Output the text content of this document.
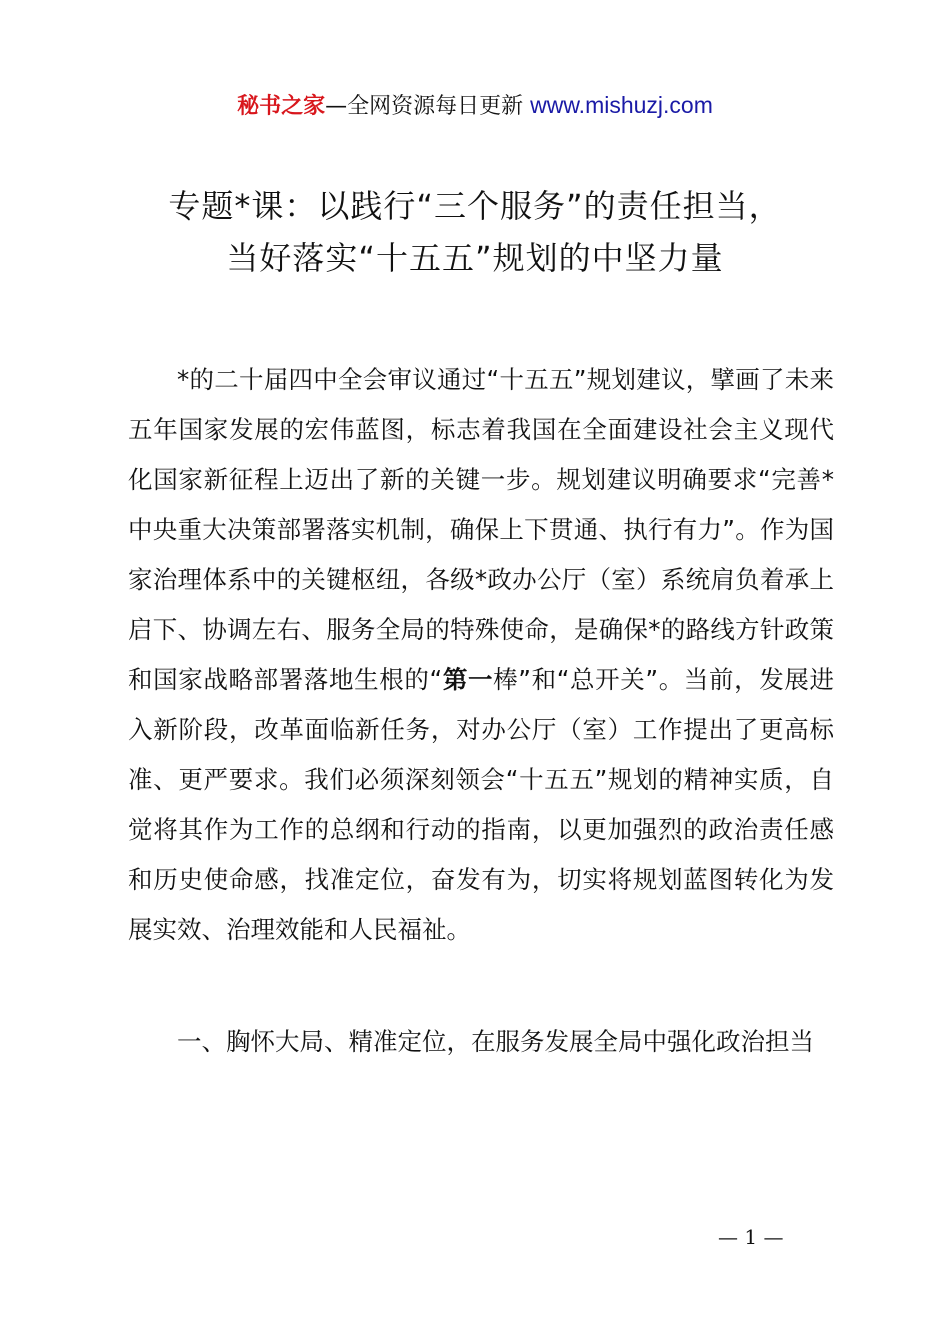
秘书之家—全网资源每日更新 www.mishuzj.com
专题*课：以践行“三个服务”的责任担当，
当好落实“十五五”规划的中坚力量
*的二十届四中全会审议通过“十五五”规划建议，擘画了未来五年国家发展的宏伟蓝图，标志着我国在全面建设社会主义现代化国家新征程上迈出了新的关键一步。规划建议明确要求“完善*中央重大决策部署落实机制，确保上下贯通、执行有力”。作为国家治理体系中的关键枢纽，各级*政办公厅（室）系统肩负着承上启下、协调左右、服务全局的特殊使命，是确保*的路线方针政策和国家战略部署落地生根的“第一棒”和“总开关”。当前，发展进入新阶段，改革面临新任务，对办公厅（室）工作提出了更高标准、更严要求。我们必须深刻领会“十五五”规划的精神实质，自觉将其作为工作的总纲和行动的指南，以更加强烈的政治责任感和历史使命感，找准定位，奋发有为，切实将规划蓝图转化为发展实效、治理效能和人民福祉。
一、胸怀大局、精准定位，在服务发展全局中强化政治担当
— 1 —
